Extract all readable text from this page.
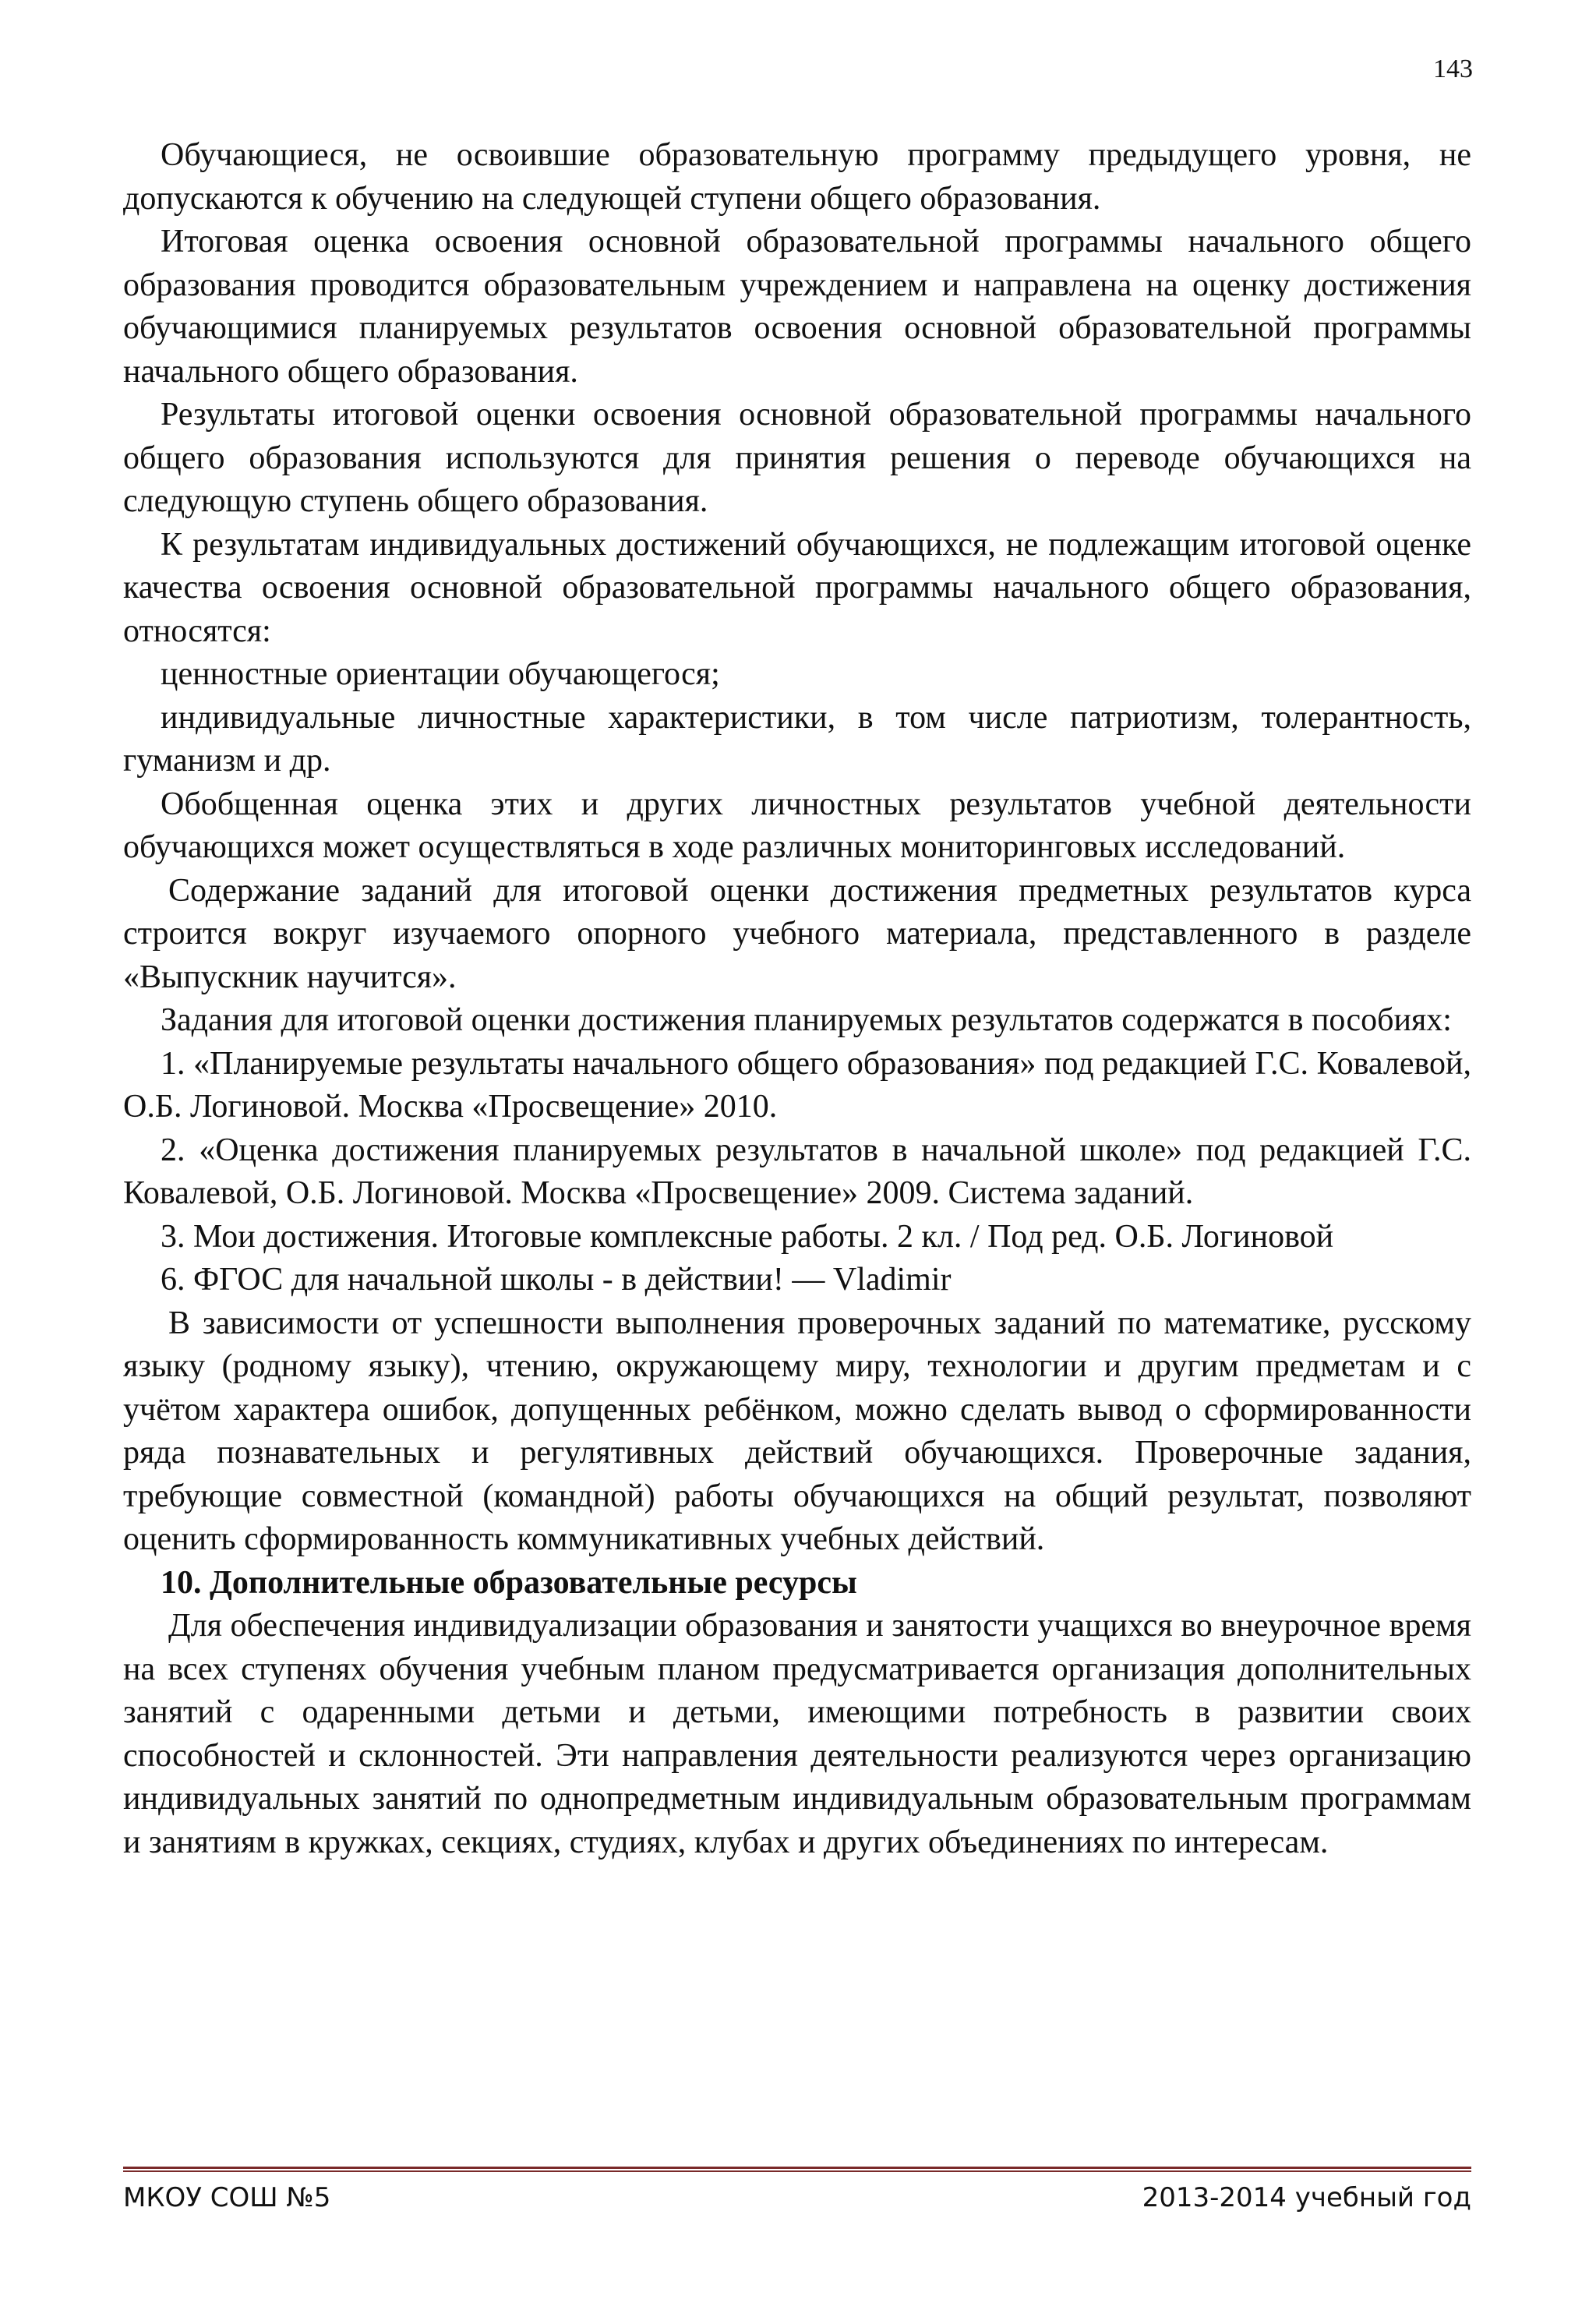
143

Обучающиеся, не освоившие образовательную программу предыдущего уровня, не допускаются к обучению на следующей ступени общего образования.

Итоговая оценка освоения основной образовательной программы начального общего образования проводится образовательным учреждением и направлена на оценку достижения обучающимися планируемых результатов освоения основной образовательной программы начального общего образования.

Результаты итоговой оценки освоения основной образовательной программы начального общего образования используются для принятия решения о переводе обучающихся на следующую ступень общего образования.

К результатам индивидуальных достижений обучающихся, не подлежащим итоговой оценке качества освоения основной образовательной программы начального общего образования, относятся:

ценностные ориентации обучающегося;

индивидуальные личностные характеристики, в том числе патриотизм, толерантность, гуманизм и др.

Обобщенная оценка этих и других личностных результатов учебной деятельности обучающихся может осуществляться в ходе различных мониторинговых исследований.

Содержание заданий для итоговой оценки достижения предметных результатов курса строится вокруг изучаемого опорного учебного материала, представленного в разделе «Выпускник научится».

Задания для итоговой оценки достижения планируемых результатов содержатся в пособиях:

1. «Планируемые результаты начального общего образования» под редакцией Г.С. Ковалевой, О.Б. Логиновой. Москва «Просвещение» 2010.

2. «Оценка достижения планируемых результатов в начальной школе» под редакцией Г.С. Ковалевой, О.Б. Логиновой. Москва «Просвещение» 2009. Система заданий.

3. Мои достижения. Итоговые комплексные работы. 2 кл. / Под ред. О.Б. Логиновой

6. ФГОС для начальной школы - в действии! — Vladimir

В зависимости от успешности выполнения проверочных заданий по математике, русскому языку (родному языку), чтению, окружающему миру, технологии и другим предметам и с учётом характера ошибок, допущенных ребёнком, можно сделать вывод о сформированности ряда познавательных и регулятивных действий обучающихся. Проверочные задания, требующие совместной (командной) работы обучающихся на общий результат, позволяют оценить сформированность коммуникативных учебных действий.

10. Дополнительные образовательные ресурсы

Для обеспечения индивидуализации образования и занятости учащихся во внеурочное время на всех ступенях обучения учебным планом предусматривается организация дополнительных занятий с одаренными детьми и детьми, имеющими потребность в развитии своих способностей и склонностей. Эти направления деятельности реализуются через организацию индивидуальных занятий по однопредметным индивидуальным образовательным программам и занятиям в кружках, секциях, студиях, клубах и других объединениях по интересам.

МКОУ СОШ №5	2013-2014 учебный год
